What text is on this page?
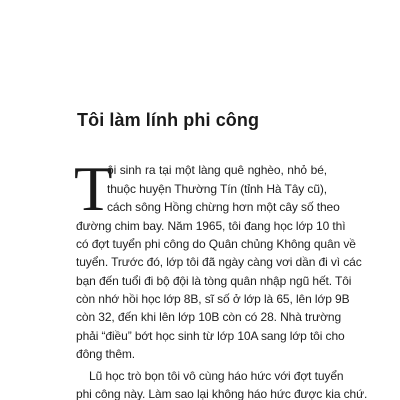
Tôi làm lính phi công
T

ôi sinh ra tại một làng quê nghèo, nhỏ bé,

thuộc huyện Thường Tín (tỉnh Hà Tây cũ),

cách sông Hồng chừng hơn một cây số theo

đường chim bay. Năm 1965, tôi đang học lớp 10 thì

có đợt tuyển phi công do Quân chủng Không quân về

tuyển. Trước đó, lớp tôi đã ngày càng vơi dần đi vì các

bạn đến tuổi đi bộ đội là tòng quân nhập ngũ hết. Tôi

còn nhớ hồi học lớp 8B, sĩ số ở lớp là 65, lên lớp 9B

còn 32, đến khi lên lớp 10B còn có 28. Nhà trường

phải “điều” bớt học sinh từ lớp 10A sang lớp tôi cho

đông thêm.

Lũ học trò bọn tôi vô cùng háo hức với đợt tuyển

phi công này. Làm sao lại không háo hức được kia chứ.
